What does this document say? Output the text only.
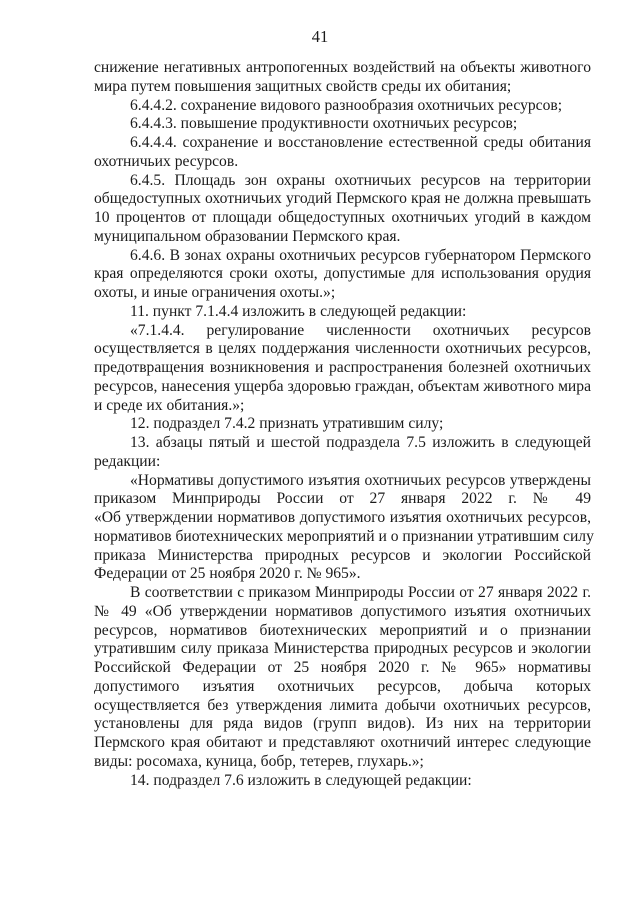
41
снижение негативных антропогенных воздействий на объекты животного
мира путем повышения защитных свойств среды их обитания;
6.4.4.2. сохранение видового разнообразия охотничьих ресурсов;
6.4.4.3. повышение продуктивности охотничьих ресурсов;
6.4.4.4. сохранение и восстановление естественной среды обитания
охотничьих ресурсов.
6.4.5. Площадь зон охраны охотничьих ресурсов на территории
общедоступных охотничьих угодий Пермского края не должна превышать
10 процентов от площади общедоступных охотничьих угодий в каждом
муниципальном образовании Пермского края.
6.4.6. В зонах охраны охотничьих ресурсов губернатором Пермского
края определяются сроки охоты, допустимые для использования орудия
охоты, и иные ограничения охоты.»;
11. пункт 7.1.4.4 изложить в следующей редакции:
«7.1.4.4. регулирование численности охотничьих ресурсов
осуществляется в целях поддержания численности охотничьих ресурсов,
предотвращения возникновения и распространения болезней охотничьих
ресурсов, нанесения ущерба здоровью граждан, объектам животного мира
и среде их обитания.»;
12. подраздел 7.4.2 признать утратившим силу;
13. абзацы пятый и шестой подраздела 7.5 изложить в следующей
редакции:
«Нормативы допустимого изъятия охотничьих ресурсов утверждены
приказом Минприроды России от 27 января 2022 г. № 49
«Об утверждении нормативов допустимого изъятия охотничьих ресурсов,
нормативов биотехнических мероприятий и о признании утратившим силу
приказа Министерства природных ресурсов и экологии Российской
Федерации от 25 ноября 2020 г. № 965».
В соответствии с приказом Минприроды России от 27 января 2022 г.
№ 49 «Об утверждении нормативов допустимого изъятия охотничьих
ресурсов, нормативов биотехнических мероприятий и о признании
утратившим силу приказа Министерства природных ресурсов и экологии
Российской Федерации от 25 ноября 2020 г. № 965» нормативы
допустимого изъятия охотничьих ресурсов, добыча которых
осуществляется без утверждения лимита добычи охотничьих ресурсов,
установлены для ряда видов (групп видов). Из них на территории
Пермского края обитают и представляют охотничий интерес следующие
виды: росомаха, куница, бобр, тетерев, глухарь.»;
14. подраздел 7.6 изложить в следующей редакции:
